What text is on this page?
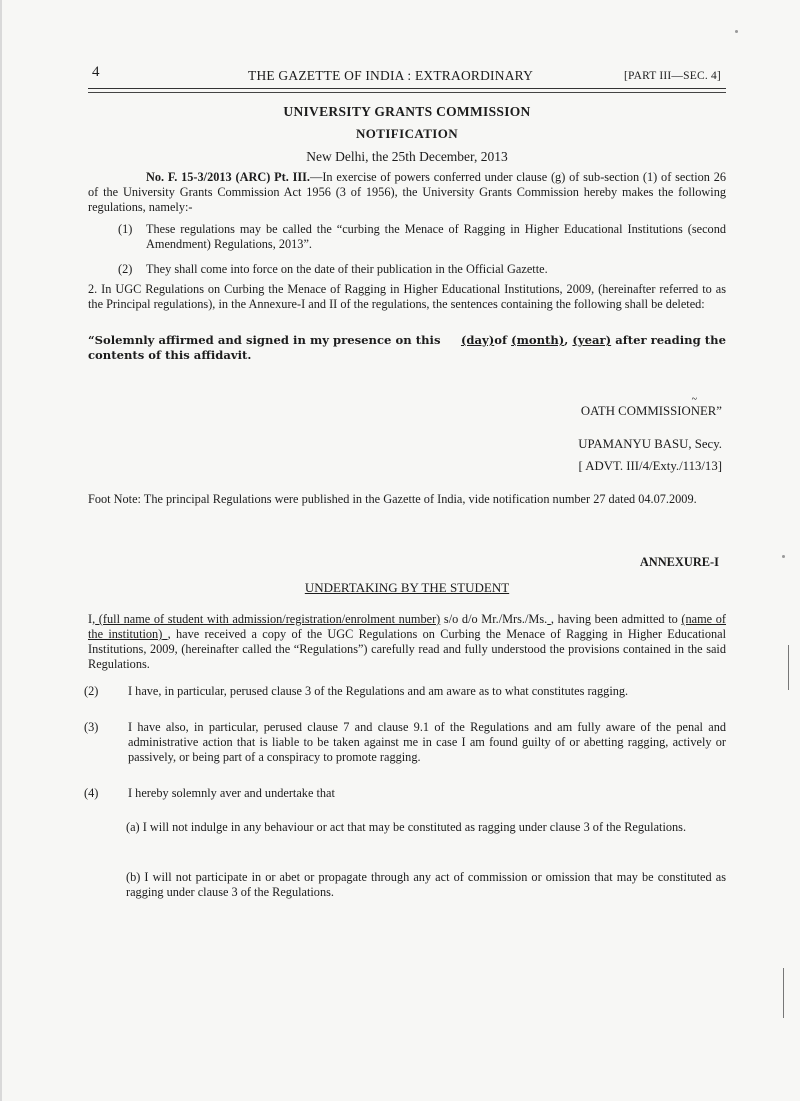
4	THE GAZETTE OF INDIA : EXTRAORDINARY	[PART III—SEC. 4]
UNIVERSITY GRANTS COMMISSION
NOTIFICATION
New Delhi, the 25th December, 2013
No. F. 15-3/2013 (ARC) Pt. III.—In exercise of powers conferred under clause (g) of sub-section (1) of section 26 of the University Grants Commission Act 1956 (3 of 1956), the University Grants Commission hereby makes the following regulations, namely:-
(1) These regulations may be called the “curbing the Menace of Ragging in Higher Educational Institutions (second Amendment) Regulations, 2013”.
(2) They shall come into force on the date of their publication in the Official Gazette.
2. In UGC Regulations on Curbing the Menace of Ragging in Higher Educational Institutions, 2009, (hereinafter referred to as the Principal regulations), in the Annexure-I and II of the regulations, the sentences containing the following shall be deleted:
“Solemnly affirmed and signed in my presence on this (day)of (month), (year) after reading the contents of this affidavit.
~
OATH COMMISSIONER”
UPAMANYU BASU, Secy.
[ ADVT. III/4/Exty./113/13]
Foot Note: The principal Regulations were published in the Gazette of India, vide notification number 27 dated 04.07.2009.
ANNEXURE-I
UNDERTAKING BY THE STUDENT
I, (full name of student with admission/registration/enrolment number) s/o d/o Mr./Mrs./Ms. , having been admitted to (name of the institution) , have received a copy of the UGC Regulations on Curbing the Menace of Ragging in Higher Educational Institutions, 2009, (hereinafter called the “Regulations”) carefully read and fully understood the provisions contained in the said Regulations.
(2) I have, in particular, perused clause 3 of the Regulations and am aware as to what constitutes ragging.
(3) I have also, in particular, perused clause 7 and clause 9.1 of the Regulations and am fully aware of the penal and administrative action that is liable to be taken against me in case I am found guilty of or abetting ragging, actively or passively, or being part of a conspiracy to promote ragging.
(4) I hereby solemnly aver and undertake that
(a) I will not indulge in any behaviour or act that may be constituted as ragging under clause 3 of the Regulations.
(b) I will not participate in or abet or propagate through any act of commission or omission that may be constituted as ragging under clause 3 of the Regulations.
